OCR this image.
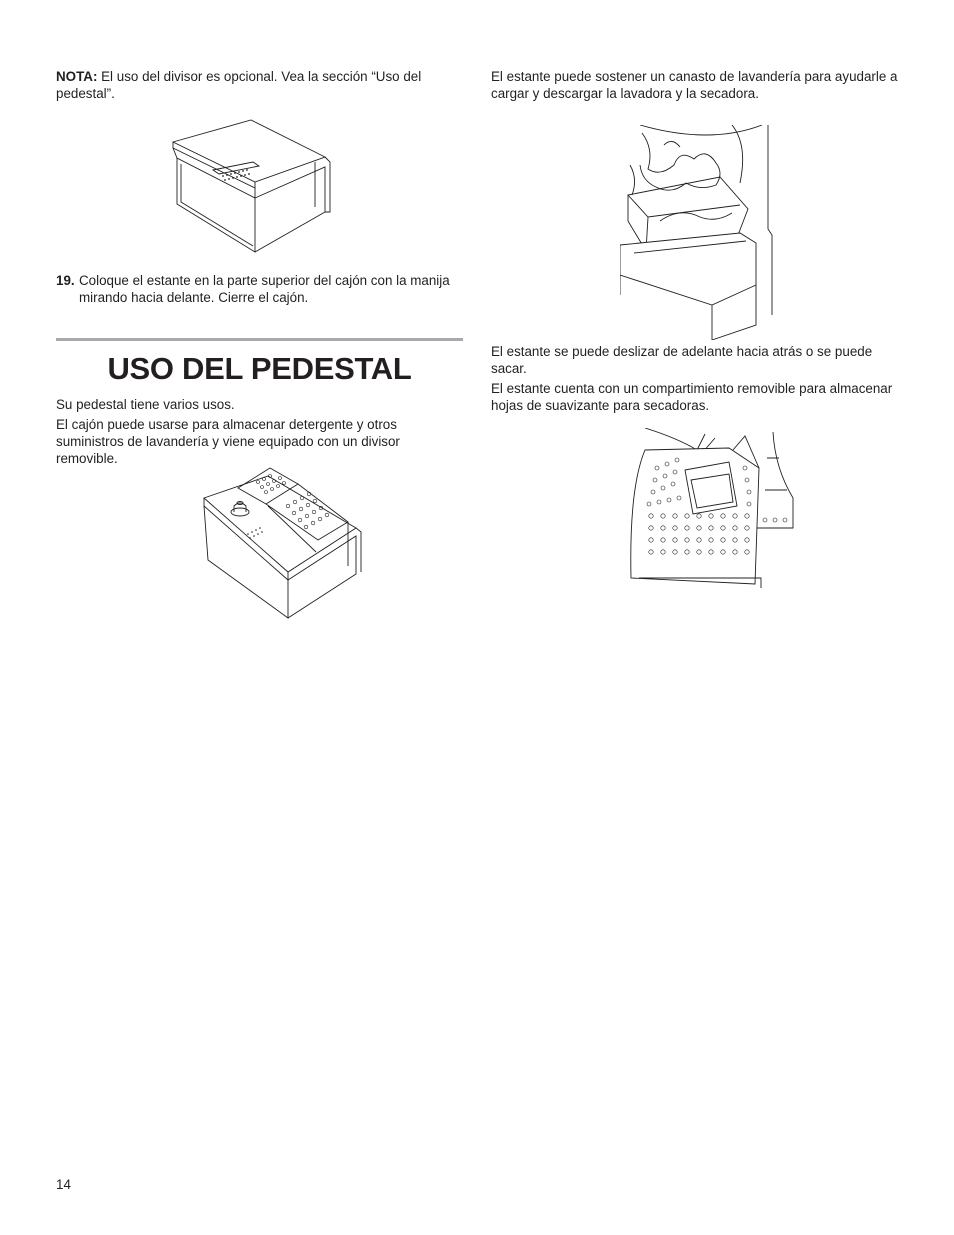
NOTA: El uso del divisor es opcional. Vea la sección “Uso del pedestal”.

19. Coloque el estante en la parte superior del cajón con la manija mirando hacia delante. Cierre el cajón.
USO DEL PEDESTAL

Su pedestal tiene varios usos.

El cajón puede usarse para almacenar detergente y otros suministros de lavandería y viene equipado con un divisor removible.

El estante puede sostener un canasto de lavandería para ayudarle a cargar y descargar la lavadora y la secadora.

El estante se puede deslizar de adelante hacia atrás o se puede sacar.

El estante cuenta con un compartimiento removible para almacenar hojas de suavizante para secadoras.

14
